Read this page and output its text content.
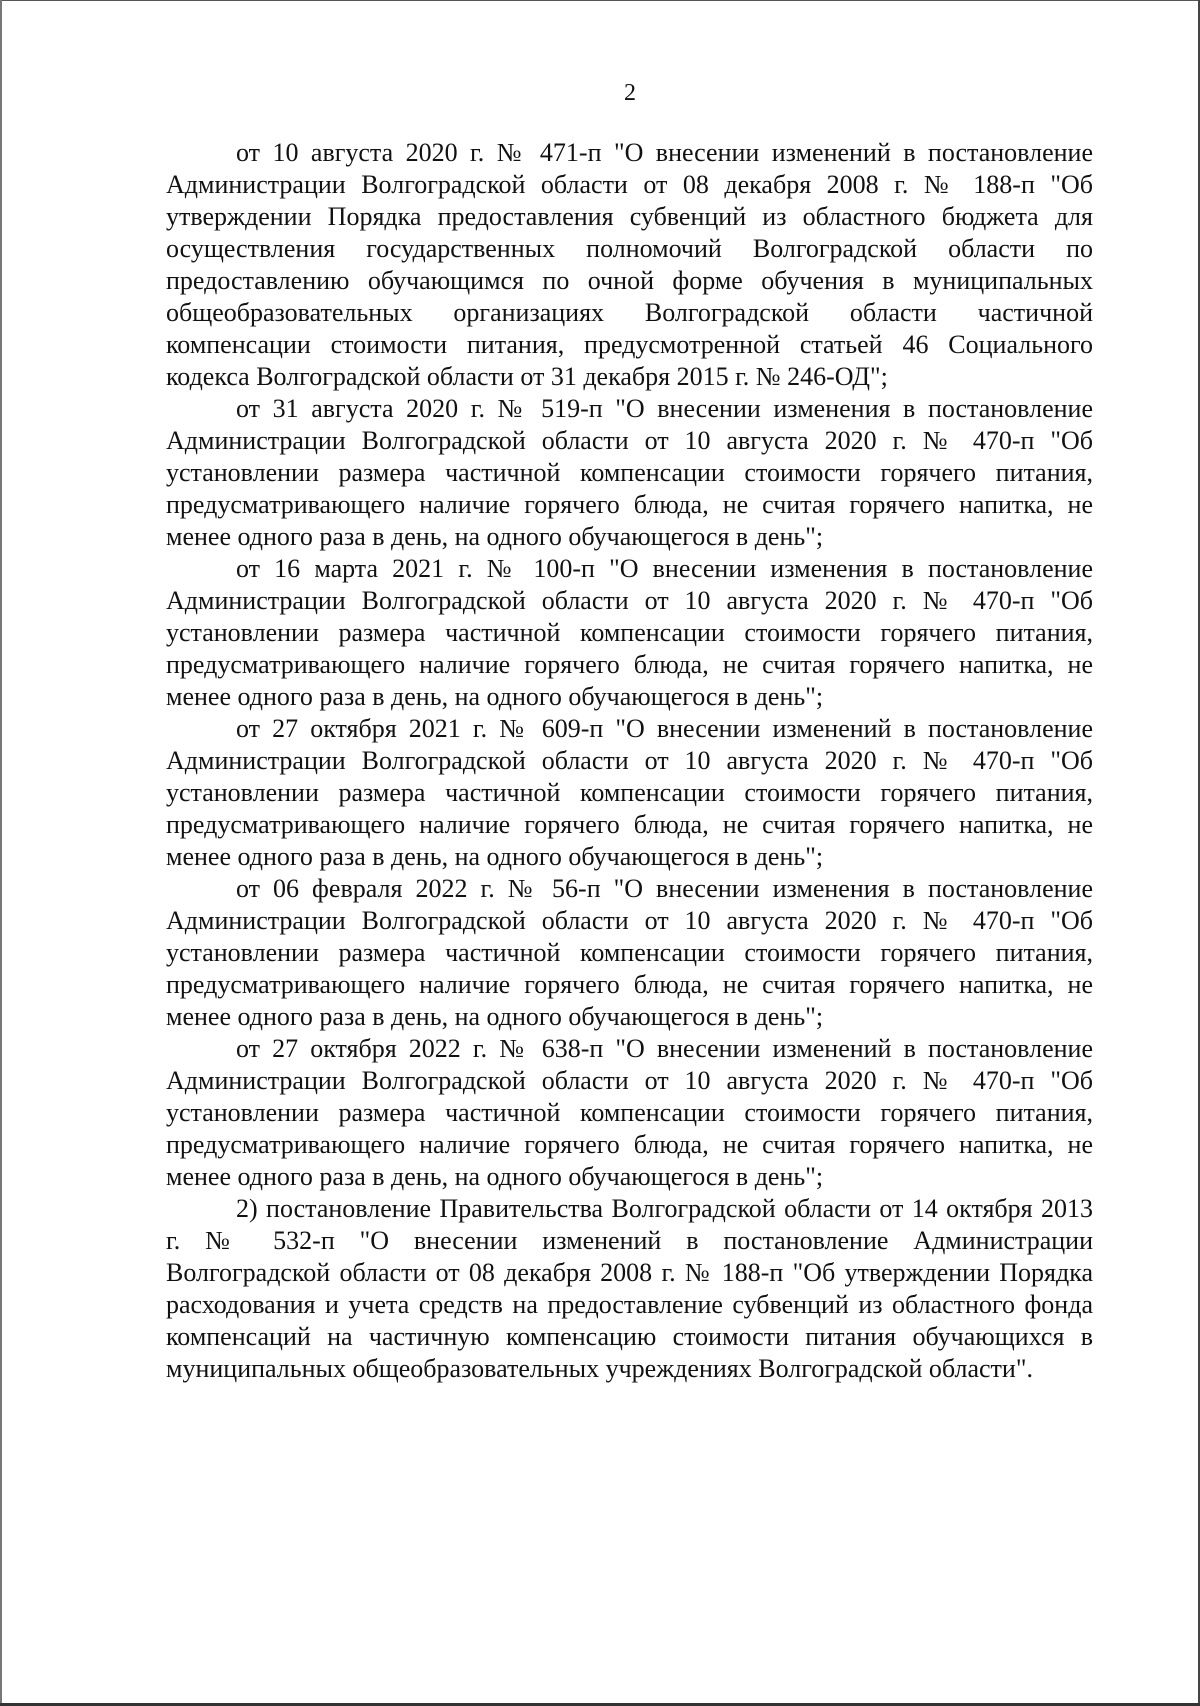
2

от 10 августа 2020 г. № 471-п "О внесении изменений в постановление Администрации Волгоградской области от 08 декабря 2008 г. № 188-п "Об утверждении Порядка предоставления субвенций из областного бюджета для осуществления государственных полномочий Волгоградской области по предоставлению обучающимся по очной форме обучения в муниципальных общеобразовательных организациях Волгоградской области частичной компенсации стоимости питания, предусмотренной статьей 46 Социального кодекса Волгоградской области от 31 декабря 2015 г. № 246-ОД";

от 31 августа 2020 г. № 519-п "О внесении изменения в постановление Администрации Волгоградской области от 10 августа 2020 г. № 470-п "Об установлении размера частичной компенсации стоимости горячего питания, предусматривающего наличие горячего блюда, не считая горячего напитка, не менее одного раза в день, на одного обучающегося в день";

от 16 марта 2021 г. № 100-п "О внесении изменения в постановление Администрации Волгоградской области от 10 августа 2020 г. № 470-п "Об установлении размера частичной компенсации стоимости горячего питания, предусматривающего наличие горячего блюда, не считая горячего напитка, не менее одного раза в день, на одного обучающегося в день";

от 27 октября 2021 г. № 609-п "О внесении изменений в постановление Администрации Волгоградской области от 10 августа 2020 г. № 470-п "Об установлении размера частичной компенсации стоимости горячего питания, предусматривающего наличие горячего блюда, не считая горячего напитка, не менее одного раза в день, на одного обучающегося в день";

от 06 февраля 2022 г. № 56-п "О внесении изменения в постановление Администрации Волгоградской области от 10 августа 2020 г. № 470-п "Об установлении размера частичной компенсации стоимости горячего питания, предусматривающего наличие горячего блюда, не считая горячего напитка, не менее одного раза в день, на одного обучающегося в день";

от 27 октября 2022 г. № 638-п "О внесении изменений в постановление Администрации Волгоградской области от 10 августа 2020 г. № 470-п "Об установлении размера частичной компенсации стоимости горячего питания, предусматривающего наличие горячего блюда, не считая горячего напитка, не менее одного раза в день, на одного обучающегося в день";

2) постановление Правительства Волгоградской области от 14 октября 2013 г. № 532-п "О внесении изменений в постановление Администрации Волгоградской области от 08 декабря 2008 г. № 188-п "Об утверждении Порядка расходования и учета средств на предоставление субвенций из областного фонда компенсаций на частичную компенсацию стоимости питания обучающихся в муниципальных общеобразовательных учреждениях Волгоградской области".
